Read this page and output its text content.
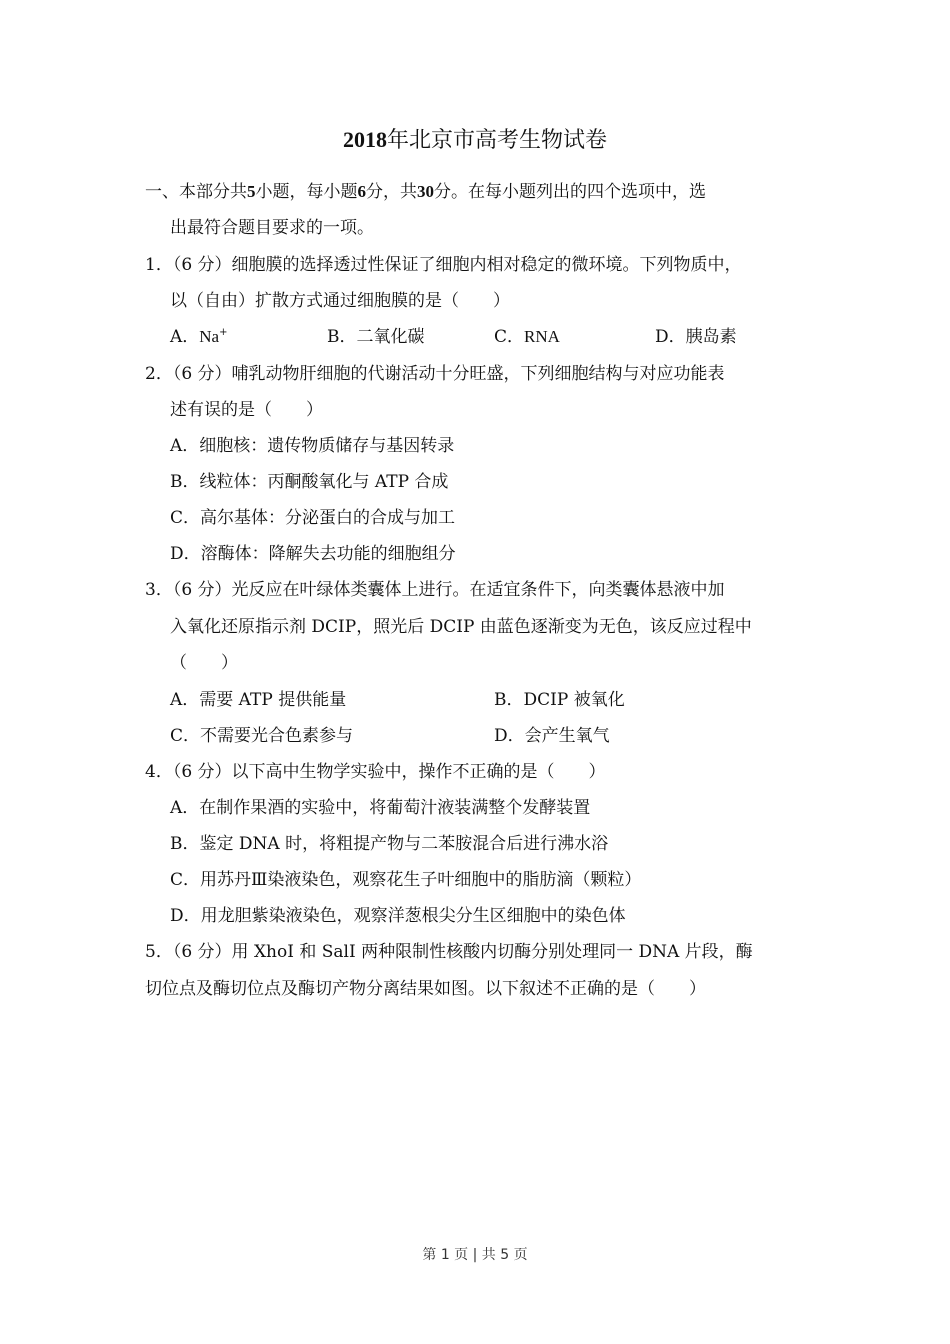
2018年北京市高考生物试卷
一、本部分共5小题，每小题6分，共30分。在每小题列出的四个选项中，选
出最符合题目要求的一项。
1．（6 分）细胞膜的选择透过性保证了细胞内相对稳定的微环境。下列物质中，
以（自由）扩散方式通过细胞膜的是（　　）
A．Na+	B．二氧化碳	C．RNA	D．胰岛素
2．（6 分）哺乳动物肝细胞的代谢活动十分旺盛，下列细胞结构与对应功能表
述有误的是（　　）
A．细胞核：遗传物质储存与基因转录
B．线粒体：丙酮酸氧化与 ATP 合成
C．高尔基体：分泌蛋白的合成与加工
D．溶酶体：降解失去功能的细胞组分
3．（6 分）光反应在叶绿体类囊体上进行。在适宜条件下，向类囊体悬液中加
入氧化还原指示剂 DCIP，照光后 DCIP 由蓝色逐渐变为无色，该反应过程中
（　　）
A．需要 ATP 提供能量	B．DCIP 被氧化
C．不需要光合色素参与	D．会产生氧气
4．（6 分）以下高中生物学实验中，操作不正确的是（　　）
A．在制作果酒的实验中，将葡萄汁液装满整个发酵装置
B．鉴定 DNA 时，将粗提产物与二苯胺混合后进行沸水浴
C．用苏丹Ⅲ染液染色，观察花生子叶细胞中的脂肪滴（颗粒）
D．用龙胆紫染液染色，观察洋葱根尖分生区细胞中的染色体
5．（6 分）用 XhoI 和 SalI 两种限制性核酸内切酶分别处理同一 DNA 片段，酶
切位点及酶切位点及酶切产物分离结果如图。以下叙述不正确的是（　　）
第 1 页 | 共 5 页
